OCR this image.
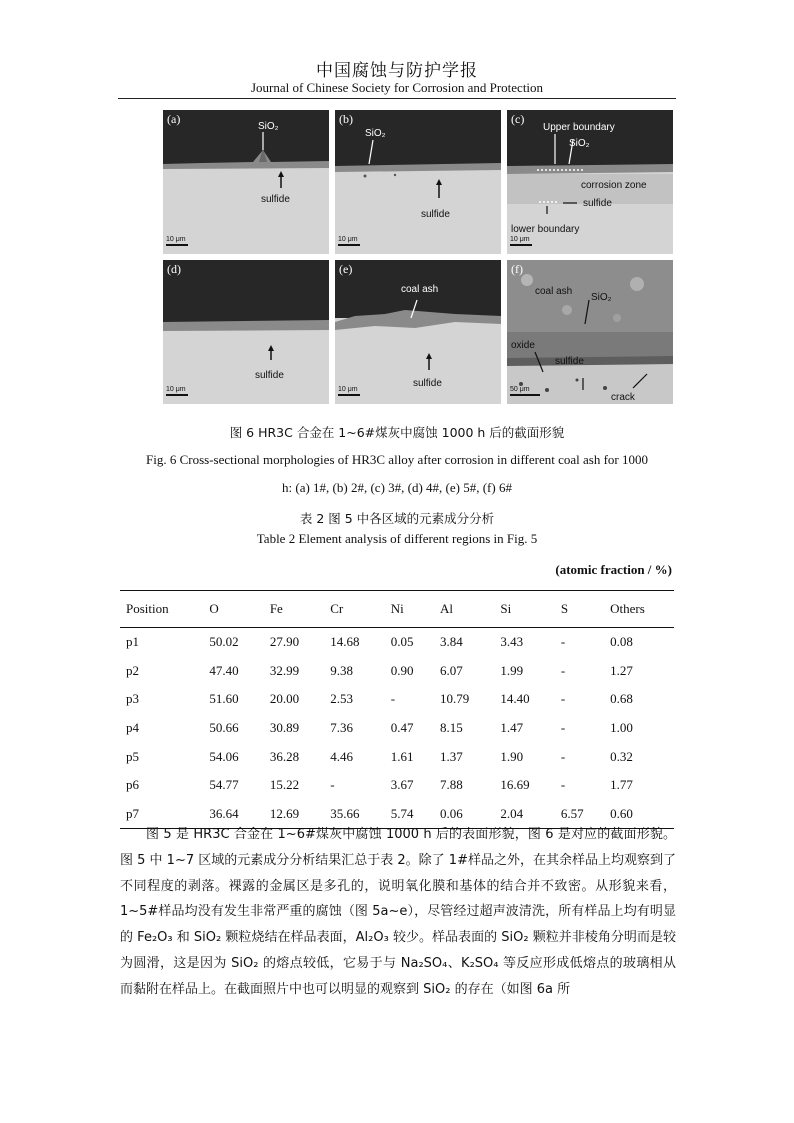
中国腐蚀与防护学报
Journal of Chinese Society for Corrosion and Protection
(a)
SiO₂
sulfide
10 μm
(b)
SiO₂
sulfide
10 μm
(c)
Upper boundary
SiO₂
corrosion zone
sulfide
lower boundary
10 μm
(d)
sulfide
10 μm
(e)
coal ash
sulfide
10 μm
(f)
coal ash
SiO₂
oxide
sulfide
crack
50 μm
图 6 HR3C 合金在 1~6#煤灰中腐蚀 1000 h 后的截面形貌
Fig. 6 Cross-sectional morphologies of HR3C alloy after corrosion in different coal ash for 1000
h: (a) 1#, (b) 2#, (c) 3#, (d) 4#, (e) 5#, (f) 6#
表 2 图 5 中各区域的元素成分分析
Table 2 Element analysis of different regions in Fig. 5
(atomic fraction / %)
Position	O	Fe	Cr	Ni	Al	Si	S	Others
p1	50.02	27.90	14.68	0.05	3.84	3.43	-	0.08
p2	47.40	32.99	9.38	0.90	6.07	1.99	-	1.27
p3	51.60	20.00	2.53	-	10.79	14.40	-	0.68
p4	50.66	30.89	7.36	0.47	8.15	1.47	-	1.00
p5	54.06	36.28	4.46	1.61	1.37	1.90	-	0.32
p6	54.77	15.22	-	3.67	7.88	16.69	-	1.77
p7	36.64	12.69	35.66	5.74	0.06	2.04	6.57	0.60

图 5 是 HR3C 合金在 1~6#煤灰中腐蚀 1000 h 后的表面形貌，图 6 是对应的截面形貌。图 5 中 1~7 区域的元素成分分析结果汇总于表 2。除了 1#样品之外，在其余样品上均观察到了不同程度的剥落。裸露的金属区是多孔的，说明氧化膜和基体的结合并不致密。从形貌来看，1~5#样品均没有发生非常严重的腐蚀（图 5a~e），尽管经过超声波清洗，所有样品上均有明显的 Fe₂O₃ 和 SiO₂ 颗粒烧结在样品表面，Al₂O₃ 较少。样品表面的 SiO₂ 颗粒并非棱角分明而是较为圆滑，这是因为 SiO₂ 的熔点较低，它易于与 Na₂SO₄、K₂SO₄ 等反应形成低熔点的玻璃相从而黏附在样品上。在截面照片中也可以明显的观察到 SiO₂ 的存在（如图 6a 所
